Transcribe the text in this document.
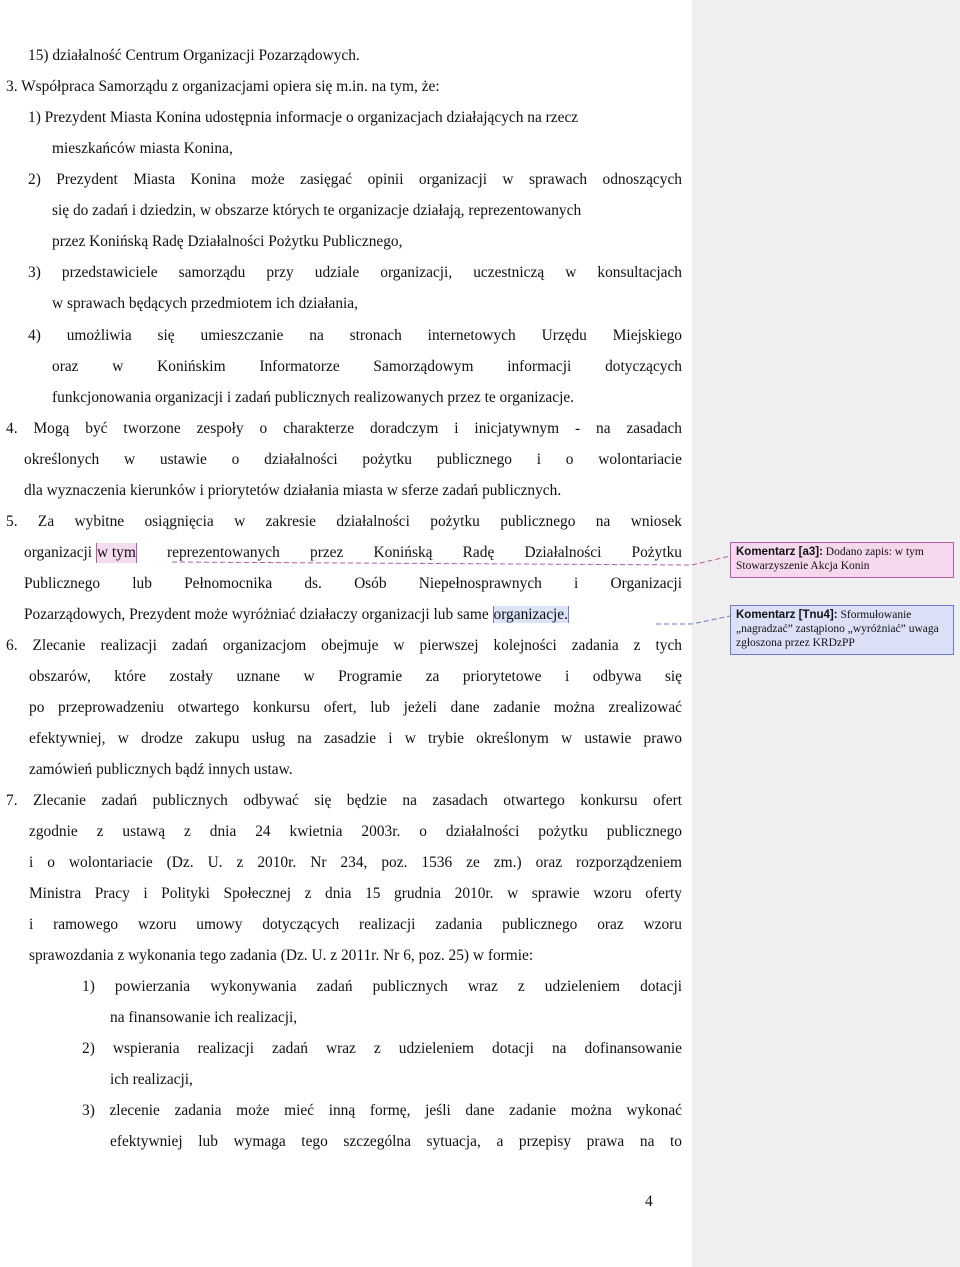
15) działalność Centrum Organizacji Pozarządowych.
3. Współpraca Samorządu z organizacjami opiera się m.in. na tym, że:
1) Prezydent Miasta Konina udostępnia informacje o organizacjach działających na rzecz
mieszkańców miasta Konina,
2) Prezydent Miasta Konina może zasięgać opinii organizacji w sprawach odnoszących
się do zadań i dziedzin, w obszarze których te organizacje działają, reprezentowanych
przez Konińską Radę Działalności Pożytku Publicznego,
3) przedstawiciele samorządu przy udziale organizacji, uczestniczą w konsultacjach
w sprawach będących przedmiotem ich działania,
4) umożliwia się umieszczanie na stronach internetowych Urzędu Miejskiego
oraz w Konińskim Informatorze Samorządowym informacji dotyczących
funkcjonowania organizacji i zadań publicznych realizowanych przez te organizacje.
4. Mogą być tworzone zespoły o charakterze doradczym i inicjatywnym - na zasadach
określonych w ustawie o działalności pożytku publicznego i o wolontariacie
dla wyznaczenia kierunków i priorytetów działania miasta w sferze zadań publicznych.
5. Za wybitne osiągnięcia w zakresie działalności pożytku publicznego na wniosek
organizacji w tym reprezentowanych przez Konińską Radę Działalności Pożytku
Publicznego lub Pełnomocnika ds. Osób Niepełnosprawnych i Organizacji
Pozarządowych, Prezydent może wyróżniać działaczy organizacji lub same organizacje.
6. Zlecanie realizacji zadań organizacjom obejmuje w pierwszej kolejności zadania z tych
obszarów, które zostały uznane w Programie za priorytetowe i odbywa się
po przeprowadzeniu otwartego konkursu ofert, lub jeżeli dane zadanie można zrealizować
efektywniej, w drodze zakupu usług na zasadzie i w trybie określonym w ustawie prawo
zamówień publicznych bądź innych ustaw.
7. Zlecanie zadań publicznych odbywać się będzie na zasadach otwartego konkursu ofert
zgodnie z ustawą z dnia 24 kwietnia 2003r. o działalności pożytku publicznego
i o wolontariacie (Dz. U. z 2010r. Nr 234, poz. 1536 ze zm.) oraz rozporządzeniem
Ministra Pracy i Polityki Społecznej z dnia 15 grudnia 2010r. w sprawie wzoru oferty
i ramowego wzoru umowy dotyczących realizacji zadania publicznego oraz wzoru
sprawozdania z wykonania tego zadania (Dz. U. z 2011r. Nr 6, poz. 25) w formie:
1) powierzania wykonywania zadań publicznych wraz z udzieleniem dotacji
na finansowanie ich realizacji,
2) wspierania realizacji zadań wraz z udzieleniem dotacji na dofinansowanie
ich realizacji,
3) zlecenie zadania może mieć inną formę, jeśli dane zadanie można wykonać
efektywniej lub wymaga tego szczególna sytuacja, a przepisy prawa na to
4
Komentarz [a3]: Dodano zapis: w tym Stowarzyszenie Akcja Konin
Komentarz [Tnu4]: Sformułowanie „nagradzać” zastąpiono „wyróżniać” uwaga zgłoszona przez KRDzPP
